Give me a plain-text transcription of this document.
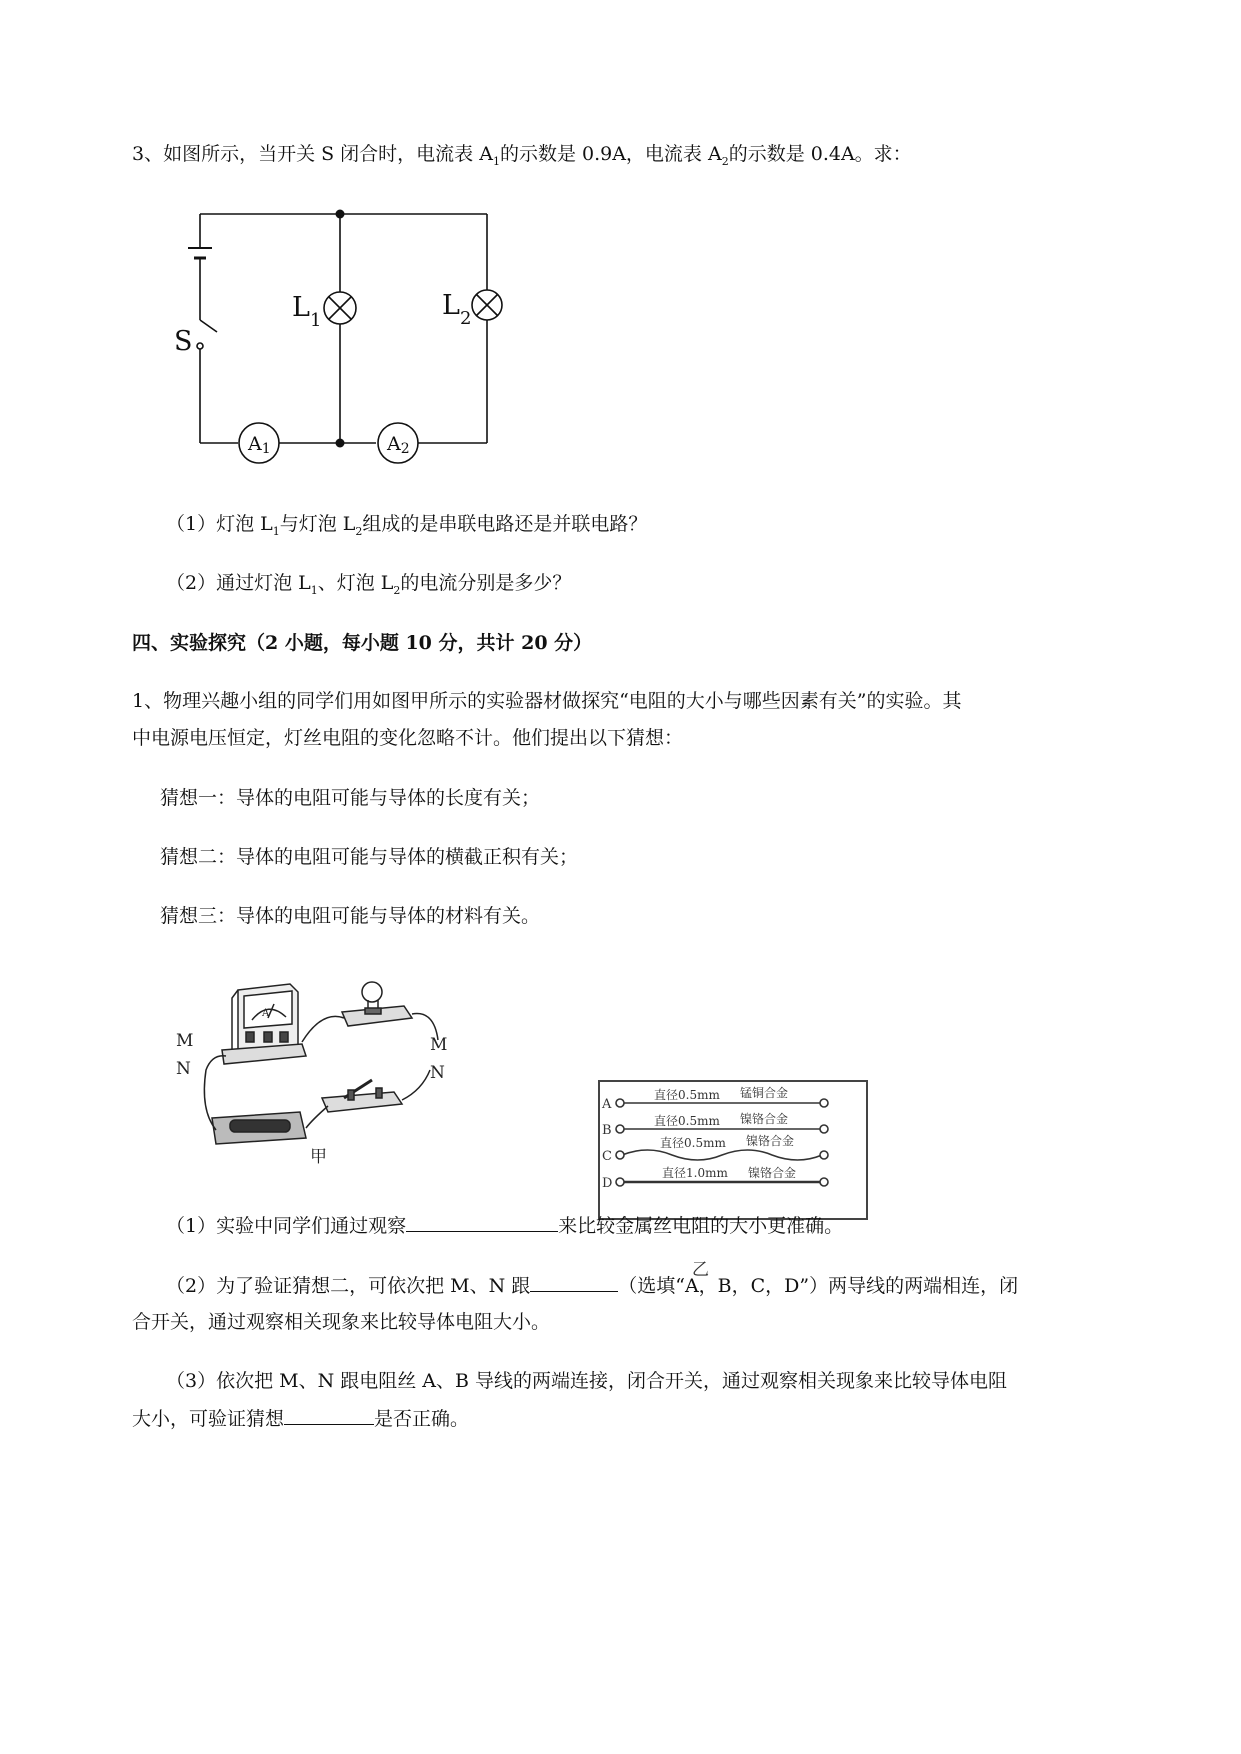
3、如图所示，当开关 S 闭合时，电流表 $A_1$的示数是 0.9A，电流表 $A_2$的示数是 0.4A。求：
S
$L_1$	$L_2$
A1	A2
（1）灯泡 $L_1$与灯泡 $L_2$组成的是串联电路还是并联电路？
（2）通过灯泡 $L_1$、灯泡 $L_2$的电流分别是多少？
四、实验探究（2 小题，每小题 10 分，共计 20 分）
1、物理兴趣小组的同学们用如图甲所示的实验器材做探究“电阻的大小与哪些因素有关”的实验。其
中电源电压恒定，灯丝电阻的变化忽略不计。他们提出以下猜想：
猜想一：导体的电阻可能与导体的长度有关；
猜想二：导体的电阻可能与导体的横截正积有关；
猜想三：导体的电阻可能与导体的材料有关。
A
M
N
M
N
甲
A
直径0.5mm 锰铜合金
B
直径0.5mm 镍铬合金
C
直径0.5mm 镍铬合金
D
直径1.0mm 镍铬合金
乙
（1）实验中同学们通过观察	来比较金属丝电阻的大小更准确。
（2）为了验证猜想二，可依次把 M、N 跟	（选填“A，B，C，D”）两导线的两端相连，闭
合开关，通过观察相关现象来比较导体电阻大小。
（3）依次把 M、N 跟电阻丝 A、B 导线的两端连接，闭合开关，通过观察相关现象来比较导体电阻
大小，可验证猜想	是否正确。
